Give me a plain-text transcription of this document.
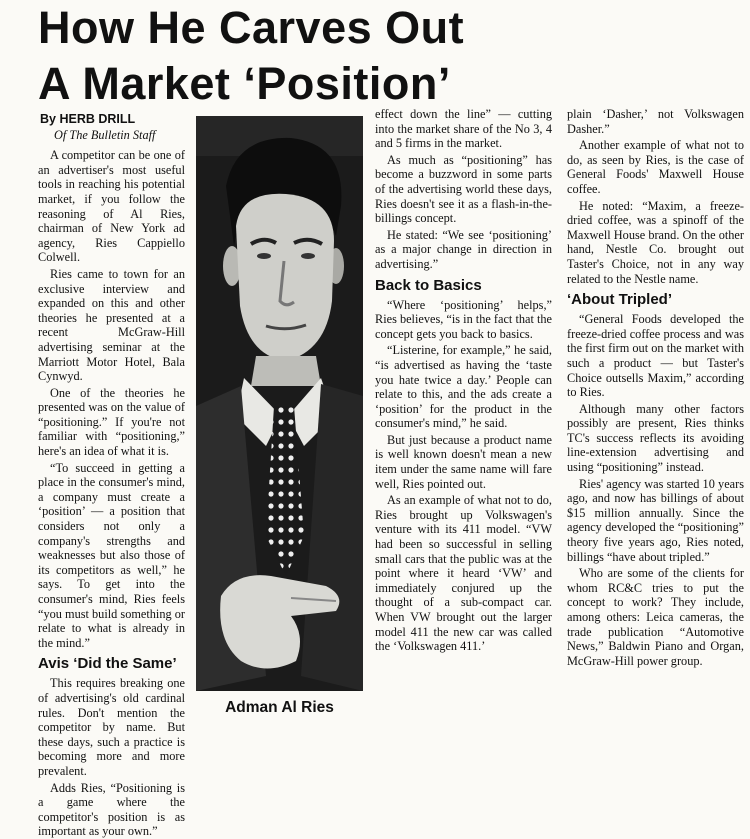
How He Carves Out
A Market ‘Position’
By HERB DRILL
Of The Bulletin Staff

A competitor can be one of an advertiser's most useful tools in reaching his potential market, if you follow the reasoning of Al Ries, chairman of New York ad agency, Ries Cappiello Colwell.

Ries came to town for an exclusive interview and expanded on this and other theories he presented at a recent McGraw-Hill advertising seminar at the Marriott Motor Hotel, Bala Cynwyd.

One of the theories he presented was on the value of “positioning.” If you're not familiar with “positioning,” here's an idea of what it is.

“To succeed in getting a place in the consumer's mind, a company must create a ‘position’ — a position that considers not only a company's strengths and weaknesses but also those of its competitors as well,” he says. To get into the consumer's mind, Ries feels “you must build something or relate to what is already in the mind.”

Avis ‘Did the Same’

This requires breaking one of advertising's old cardinal rules. Don't mention the competitor by name. But these days, such a practice is becoming more and more prevalent.

Adds Ries, “Positioning is a game where the competitor's position is as important as your own.”

Adman Al Ries

effect down the line” — cutting into the market share of the No 3, 4 and 5 firms in the market.

As much as “positioning” has become a buzzword in some parts of the advertising world these days, Ries doesn't see it as a flash-in-the-billings concept.

He stated: “We see ‘positioning’ as a major change in direction in advertising.”

Back to Basics

“Where ‘positioning’ helps,” Ries believes, “is in the fact that the concept gets you back to basics.

“Listerine, for example,” he said, “is advertised as having the ‘taste you hate twice a day.’ People can relate to this, and the ads create a ‘position’ for the product in the consumer's mind,” he said.

But just because a product name is well known doesn't mean a new item under the same name will fare well, Ries pointed out.

As an example of what not to do, Ries brought up Volkswagen's venture with its 411 model. “VW had been so successful in selling small cars that the public was at the point where it heard ‘VW’ and immediately conjured up the thought of a sub-compact car. When VW brought out the larger model 411 the new car was called the ‘Volkswagen 411.’

plain ‘Dasher,’ not Volkswagen Dasher.”

Another example of what not to do, as seen by Ries, is the case of General Foods' Maxwell House coffee.

He noted: “Maxim, a freeze-dried coffee, was a spinoff of the Maxwell House brand. On the other hand, Nestle Co. brought out Taster's Choice, not in any way related to the Nestle name.

‘About Tripled’

“General Foods developed the freeze-dried coffee process and was the first firm out on the market with such a product — but Taster's Choice outsells Maxim,” according to Ries.

Although many other factors possibly are present, Ries thinks TC's success reflects its avoiding line-extension advertising and using “positioning” instead.

Ries' agency was started 10 years ago, and now has billings of about $15 million annually. Since the agency developed the “positioning” theory five years ago, Ries noted, billings “have about tripled.”

Who are some of the clients for whom RC&C tries to put the concept to work? They include, among others: Leica cameras, the trade publication “Automotive News,” Baldwin Piano and Organ, McGraw-Hill power group.
